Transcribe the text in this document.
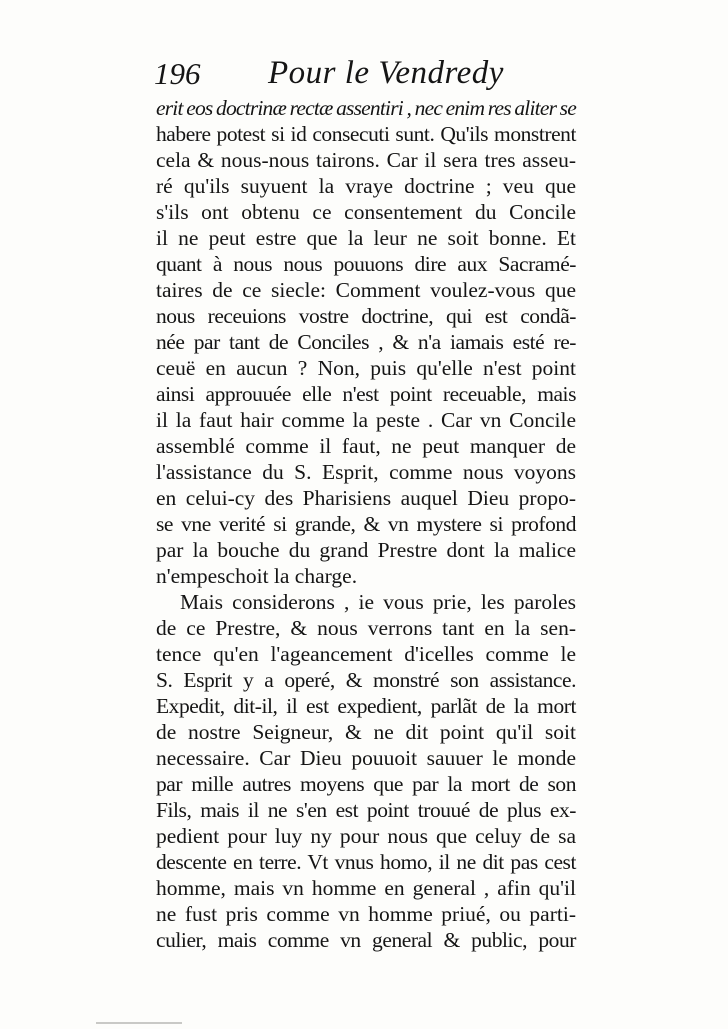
196 Pour le Vendredy
erit eos doctrinæ rectæ assentiri , nec enim res aliter se
habere potest si id consecuti sunt. Qu'ils monstrent
cela & nous-nous tairons. Car il sera tres asseu-
ré qu'ils suyuent la vraye doctrine ; veu que
s'ils ont obtenu ce consentement du Concile
il ne peut estre que la leur ne soit bonne. Et
quant à nous nous pouuons dire aux Sacramé-
taires de ce siecle: Comment voulez-vous que
nous receuions vostre doctrine, qui est condã-
née par tant de Conciles , & n'a iamais esté re-
ceuë en aucun ? Non, puis qu'elle n'est point
ainsi approuuée elle n'est point receuable, mais
il la faut hair comme la peste . Car vn Concile
assemblé comme il faut, ne peut manquer de
l'assistance du S. Esprit, comme nous voyons
en celui-cy des Pharisiens auquel Dieu propo-
se vne verité si grande, & vn mystere si profond
par la bouche du grand Prestre dont la malice
n'empeschoit la charge.
Mais considerons , ie vous prie, les paroles
de ce Prestre, & nous verrons tant en la sen-
tence qu'en l'ageancement d'icelles comme le
S. Esprit y a operé, & monstré son assistance.
Expedit, dit-il, il est expedient, parlãt de la mort
de nostre Seigneur, & ne dit point qu'il soit
necessaire. Car Dieu pouuoit sauuer le monde
par mille autres moyens que par la mort de son
Fils, mais il ne s'en est point trouué de plus ex-
pedient pour luy ny pour nous que celuy de sa
descente en terre. Vt vnus homo, il ne dit pas cest
homme, mais vn homme en general , afin qu'il
ne fust pris comme vn homme priué, ou parti-
culier, mais comme vn general & public, pour
